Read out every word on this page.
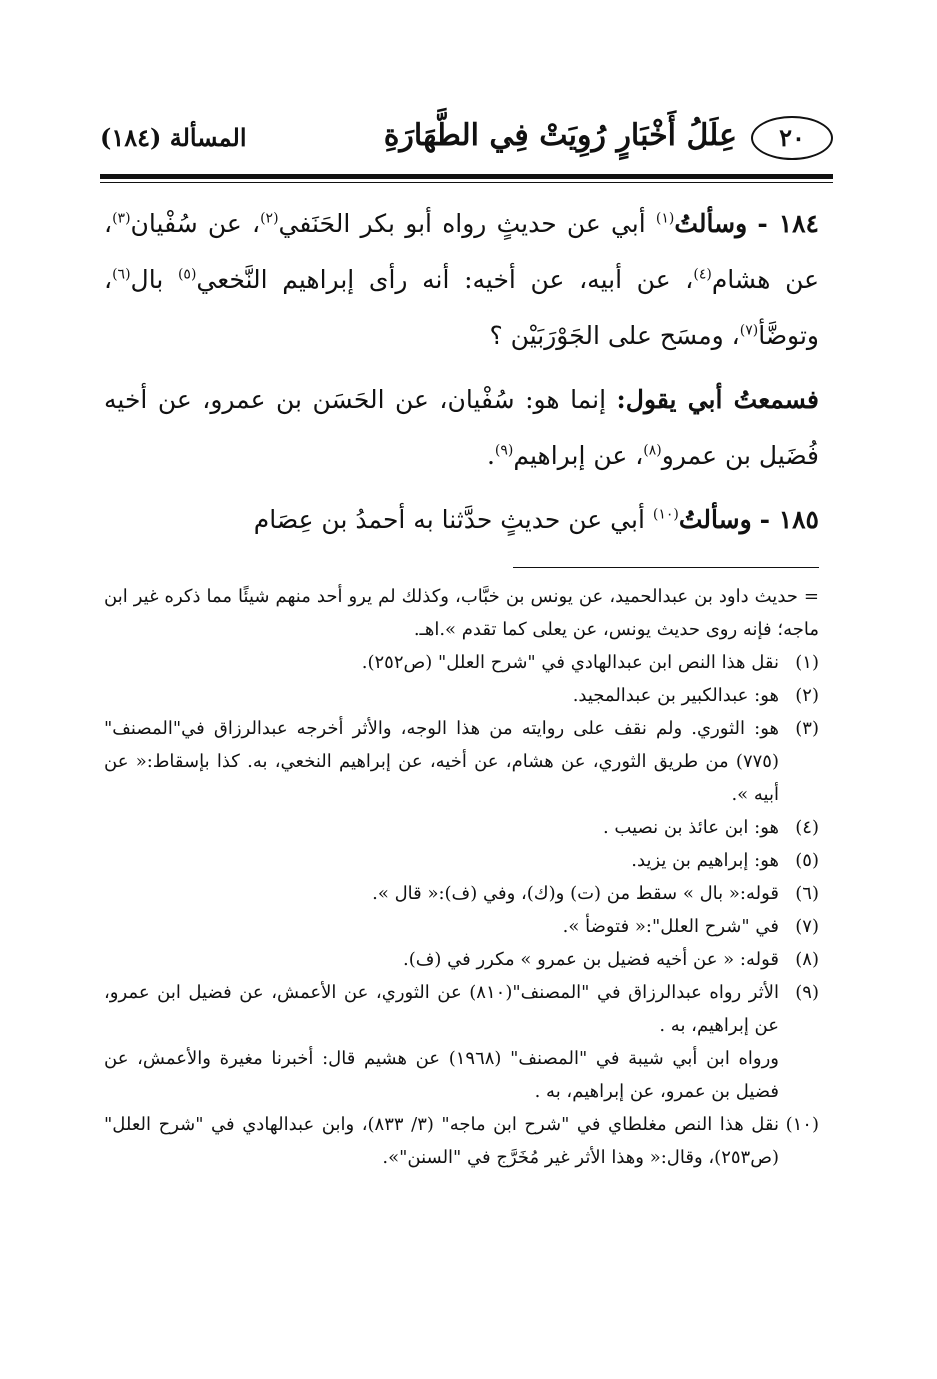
٢٠
عِلَلُ أَخْبَارٍ رُوِيَتْ فِي الطَّهَارَةِ
المسألة (١٨٤)

١٨٤ - وسألتُ$^{(١)}$ أبي عن حديثٍ رواه أبو بكر الحَنَفي$^{(٢)}$، عن سُفْيان$^{(٣)}$، عن هشام$^{(٤)}$، عن أبيه، عن أخيه: أنه رأى إبراهيم النَّخعي$^{(٥)}$ بال$^{(٦)}$، وتوضَّأ$^{(٧)}$، ومسَح على الجَوْرَبَيْن ؟

فسمعتُ أبي يقول: إنما هو: سُفْيان، عن الحَسَن بن عمرو، عن أخيه فُضَيل بن عمرو$^{(٨)}$، عن إبراهيم$^{(٩)}$.

١٨٥ - وسألتُ$^{(١٠)}$ أبي عن حديثٍ حدَّثنا به أحمدُ بن عِصَام

= حديث داود بن عبدالحميد، عن يونس بن خبَّاب، وكذلك لم يرو أحد منهم شيئًا مما ذكره غير ابن ماجه؛ فإنه روى حديث يونس، عن يعلى كما تقدم ».اهـ.
(١)
نقل هذا النص ابن عبدالهادي في "شرح العلل" (ص٢٥٢).
(٢)
هو: عبدالكبير بن عبدالمجيد.
(٣)
هو: الثوري. ولم نقف على روايته من هذا الوجه، والأثر أخرجه عبدالرزاق في"المصنف"(٧٧٥) من طريق الثوري، عن هشام، عن أخيه، عن إبراهيم النخعي، به. كذا بإسقاط:« عن أبيه ».
(٤)
هو: ابن عائذ بن نصيب .
(٥)
هو: إبراهيم بن يزيد.
(٦)
قوله:« بال » سقط من (ت) و(ك)، وفي (ف):« قال ».
(٧)
في "شرح العلل":« فتوضأ ».
(٨)
قوله: « عن أخيه فضيل بن عمرو » مكرر في (ف).
(٩)

الأثر رواه عبدالرزاق في "المصنف"(٨١٠) عن الثوري، عن الأعمش، عن فضيل ابن عمرو، عن إبراهيم، به .

ورواه ابن أبي شيبة في "المصنف" (١٩٦٨) عن هشيم قال: أخبرنا مغيرة والأعمش، عن فضيل بن عمرو، عن إبراهيم، به .

(١٠)
نقل هذا النص مغلطاي في "شرح ابن ماجه" (٣/ ٨٣٣)، وابن عبدالهادي في "شرح العلل" (ص٢٥٣)، وقال:« وهذا الأثر غير مُخَرَّج في "السنن"».
